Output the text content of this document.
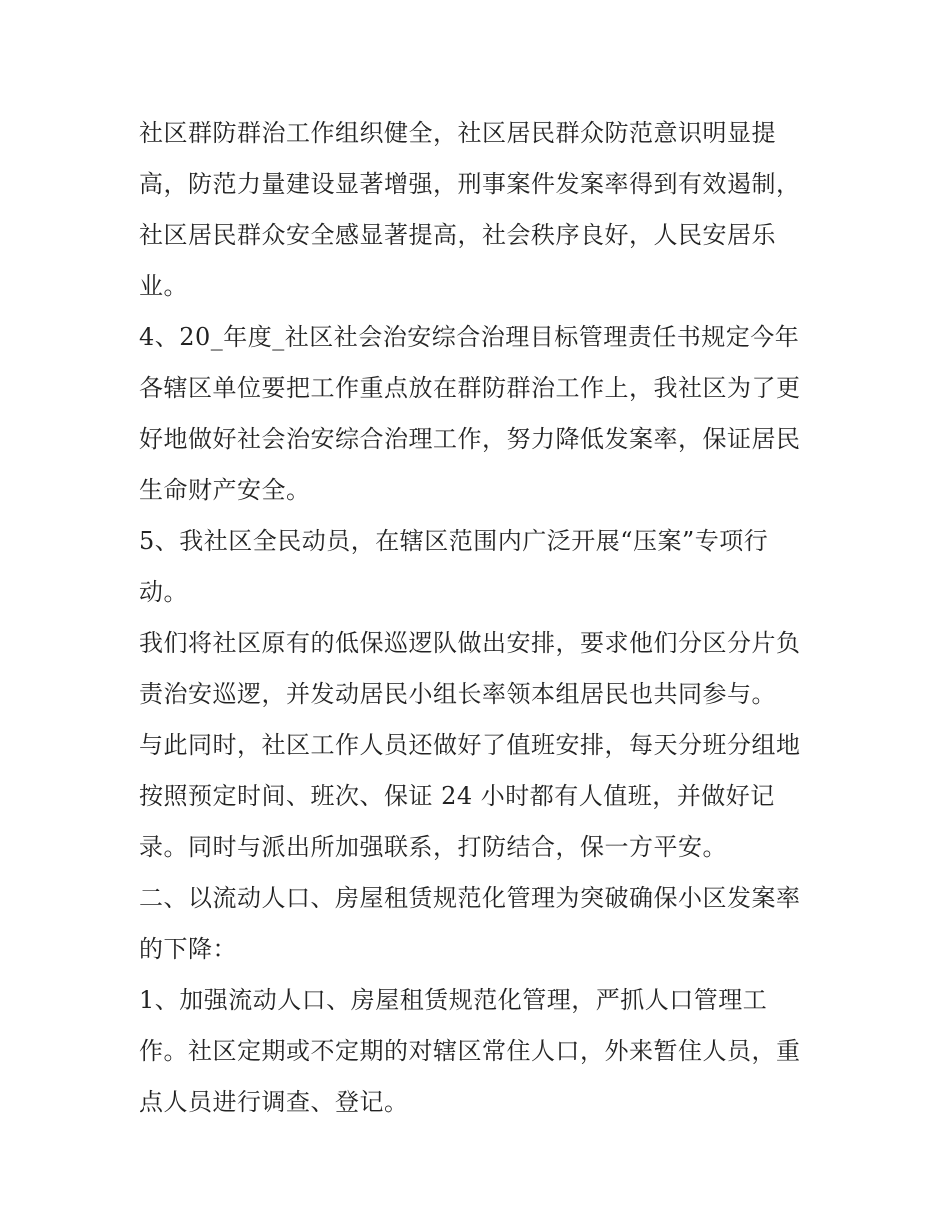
社区群防群治工作组织健全，社区居民群众防范意识明显提
高，防范力量建设显著增强，刑事案件发案率得到有效遏制，
社区居民群众安全感显著提高，社会秩序良好，人民安居乐
业。
4、20_年度_社区社会治安综合治理目标管理责任书规定今年
各辖区单位要把工作重点放在群防群治工作上，我社区为了更
好地做好社会治安综合治理工作，努力降低发案率，保证居民
生命财产安全。
5、我社区全民动员，在辖区范围内广泛开展“压案”专项行
动。
我们将社区原有的低保巡逻队做出安排，要求他们分区分片负
责治安巡逻，并发动居民小组长率领本组居民也共同参与。
与此同时，社区工作人员还做好了值班安排，每天分班分组地
按照预定时间、班次、保证 24 小时都有人值班，并做好记
录。同时与派出所加强联系，打防结合，保一方平安。
二、以流动人口、房屋租赁规范化管理为突破确保小区发案率
的下降：
1、加强流动人口、房屋租赁规范化管理，严抓人口管理工
作。社区定期或不定期的对辖区常住人口，外来暂住人员，重
点人员进行调查、登记。
